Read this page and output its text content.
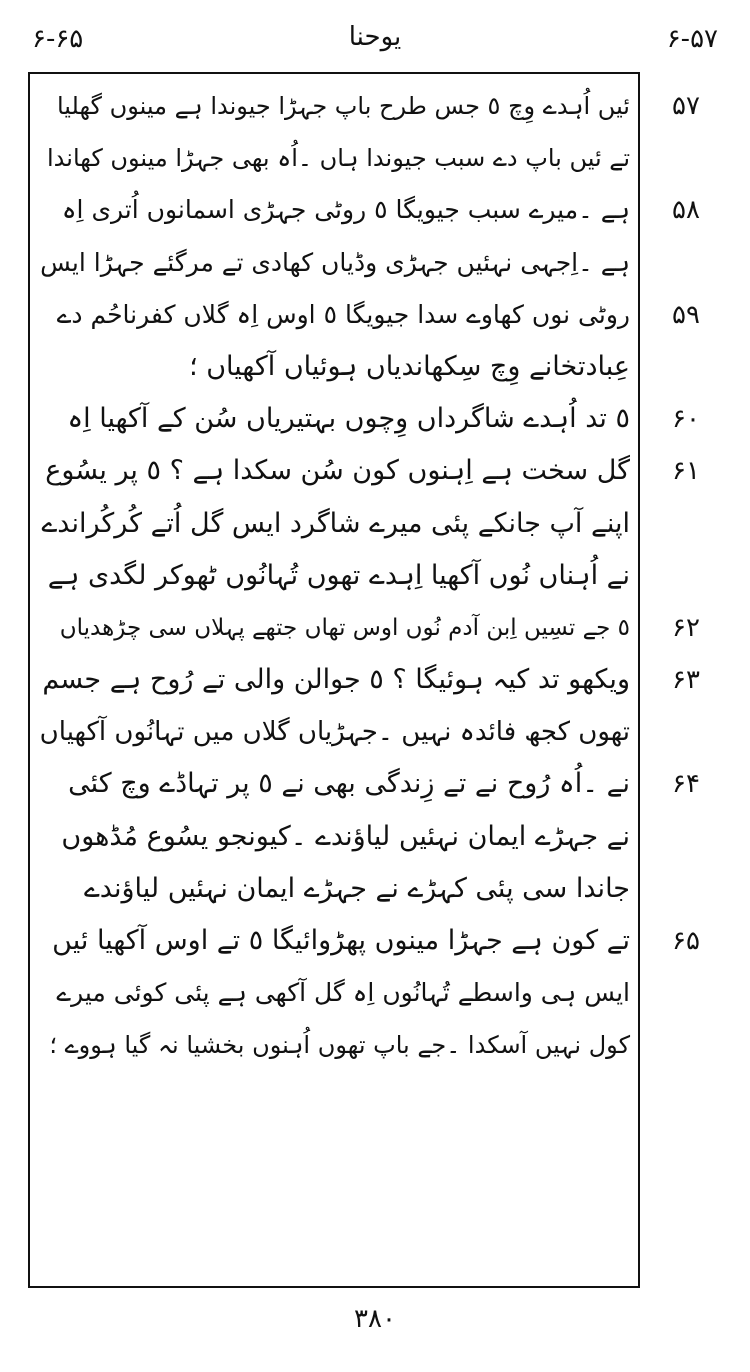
۶-۶۵	یوحنا	۶-۵۷
۵۷
ئیں اُہدے وِچ ٥ جس طرح باپ جہڑا جیوندا ہے مینوں گھلیا
تے ئیں باپ دے سبب جیوندا ہاں ۔اُہ بھی جہڑا مینوں کھاندا
۵۸
ہے ۔میرے سبب جیویگا ٥ روٹی جہڑی اسمانوں اُتری اِہ
ہے ۔اِجہی نہئیں جہڑی وڈیاں کھادی تے مرگئے جہڑا ایس
۵۹
روٹی نوں کھاوے سدا جیویگا ٥ اوس اِہ گلاں کفرناحُم دے
عِبادتخانے وِچ سِکھاندیاں ہوئیاں آکھیاں ؛
۶۰
٥ تد اُہدے شاگرداں وِچوں بہتیریاں سُن کے آکھیا اِہ
۶۱
گل سخت ہے اِہنوں کون سُن سکدا ہے ؟ ٥ پر یسُوع
اپنے آپ جانکے پئی میرے شاگرد ایس گل اُتے کُرکُراندے
نے اُہناں نُوں آکھیا اِہدے تھوں تُہانُوں ٹھوکر لگدی ہے
۶۲
٥ جے تسِیں اِبن آدم نُوں اوس تھاں جتھے پہلاں سی چڑھدیاں
۶۳
ویکھو تد کیہ ہوئیگا ؟ ٥ جوالن والی تے رُوح ہے جسم
تھوں کجھ فائدہ نہیں ۔جہڑیاں گلاں میں تہانُوں آکھیاں
۶۴
نے ۔اُہ رُوح نے تے زِندگی بھی نے ٥ پر تہاڈے وچ کئی
نے جہڑے ایمان نہئیں لیاؤندے ۔کیونجو یسُوع مُڈھوں
جاندا سی پئی کہڑے نے جہڑے ایمان نہئیں لیاؤندے
۶۵
تے کون ہے جہڑا مینوں پھڑوائیگا ٥ تے اوس آکھیا ئیں
ایس ہی واسطے تُہانُوں اِہ گل آکھی ہے پئی کوئی میرے
کول نہیں آسکدا ۔جے باپ تھوں اُہنوں بخشیا نہ گیا ہووے ؛
۳۸۰
